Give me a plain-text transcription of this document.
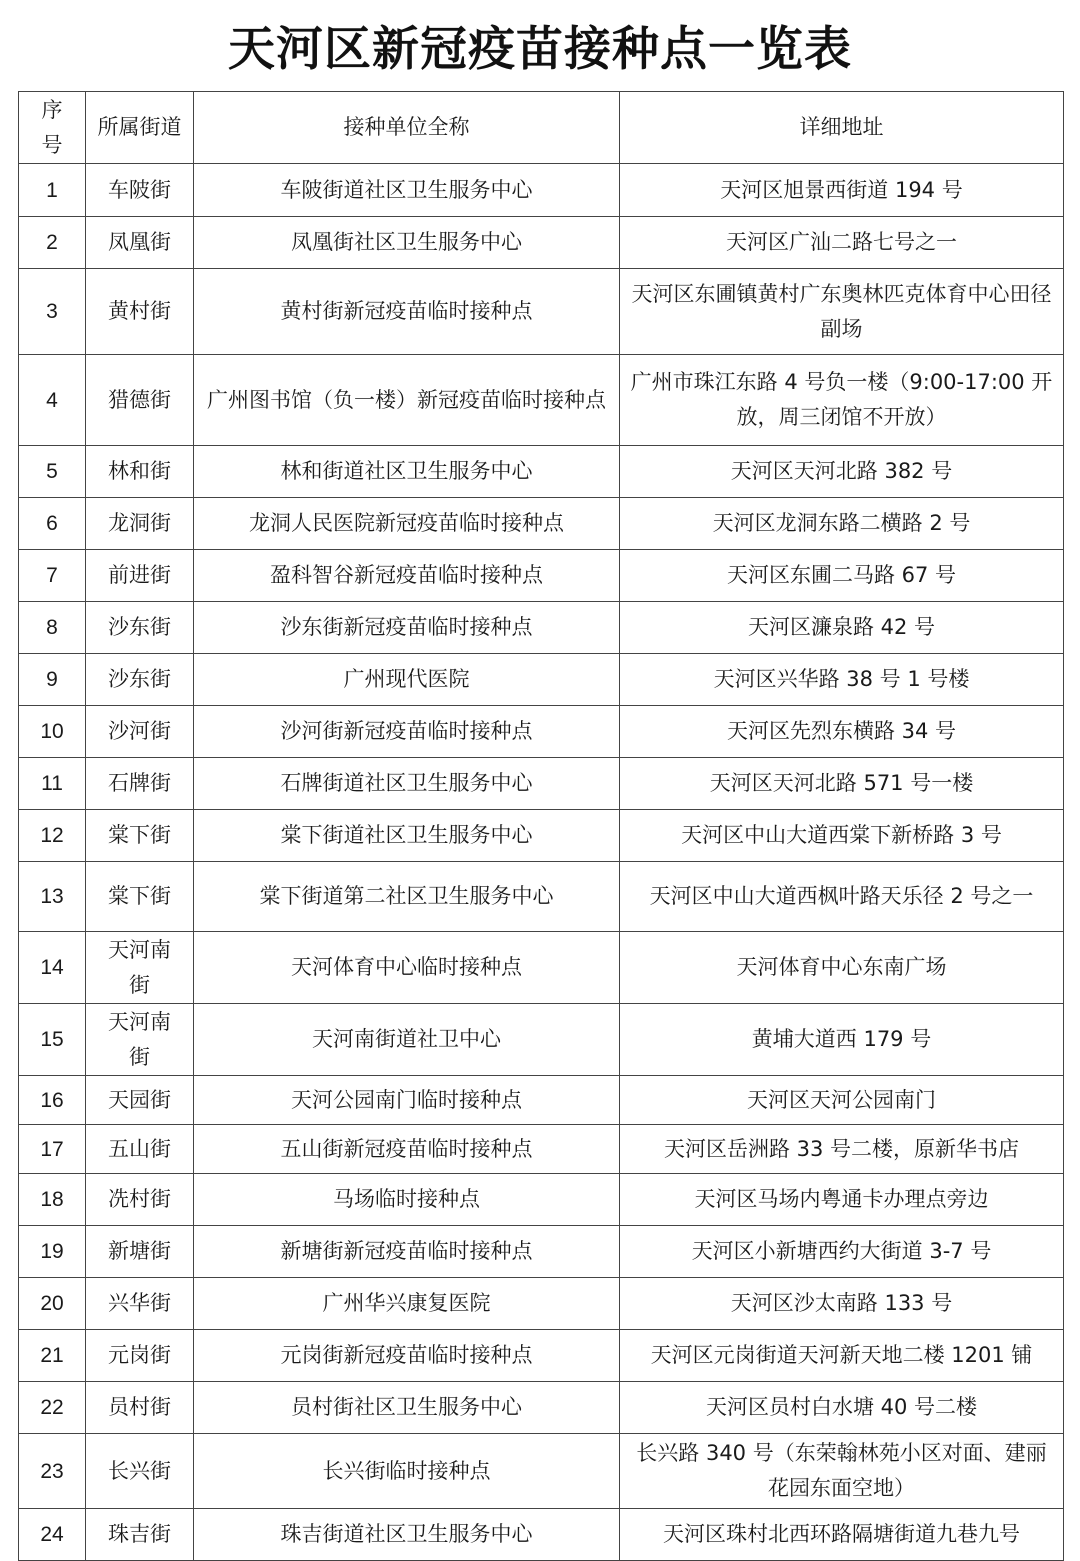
天河区新冠疫苗接种点一览表
序号	所属街道	接种单位全称	详细地址
1	车陂街	车陂街道社区卫生服务中心	天河区旭景西街道 194 号
2	凤凰街	凤凰街社区卫生服务中心	天河区广汕二路七号之一
3	黄村街	黄村街新冠疫苗临时接种点	天河区东圃镇黄村广东奥林匹克体育中心田径副场
4	猎德街	广州图书馆（负一楼）新冠疫苗临时接种点	广州市珠江东路 4 号负一楼（9:00-17:00 开放，周三闭馆不开放）
5	林和街	林和街道社区卫生服务中心	天河区天河北路 382 号
6	龙洞街	龙洞人民医院新冠疫苗临时接种点	天河区龙洞东路二横路 2 号
7	前进街	盈科智谷新冠疫苗临时接种点	天河区东圃二马路 67 号
8	沙东街	沙东街新冠疫苗临时接种点	天河区濂泉路 42 号
9	沙东街	广州现代医院	天河区兴华路 38 号 1 号楼
10	沙河街	沙河街新冠疫苗临时接种点	天河区先烈东横路 34 号
11	石牌街	石牌街道社区卫生服务中心	天河区天河北路 571 号一楼
12	棠下街	棠下街道社区卫生服务中心	天河区中山大道西棠下新桥路 3 号
13	棠下街	棠下街道第二社区卫生服务中心	天河区中山大道西枫叶路天乐径 2 号之一
14	天河南街	天河体育中心临时接种点	天河体育中心东南广场
15	天河南街	天河南街道社卫中心	黄埔大道西 179 号
16	天园街	天河公园南门临时接种点	天河区天河公园南门
17	五山街	五山街新冠疫苗临时接种点	天河区岳洲路 33 号二楼，原新华书店
18	冼村街	马场临时接种点	天河区马场内粤通卡办理点旁边
19	新塘街	新塘街新冠疫苗临时接种点	天河区小新塘西约大街道 3-7 号
20	兴华街	广州华兴康复医院	天河区沙太南路 133 号
21	元岗街	元岗街新冠疫苗临时接种点	天河区元岗街道天河新天地二楼 1201 铺
22	员村街	员村街社区卫生服务中心	天河区员村白水塘 40 号二楼
23	长兴街	长兴街临时接种点	长兴路 340 号（东荣翰林苑小区对面、建丽花园东面空地）
24	珠吉街	珠吉街道社区卫生服务中心	天河区珠村北西环路隔塘街道九巷九号
